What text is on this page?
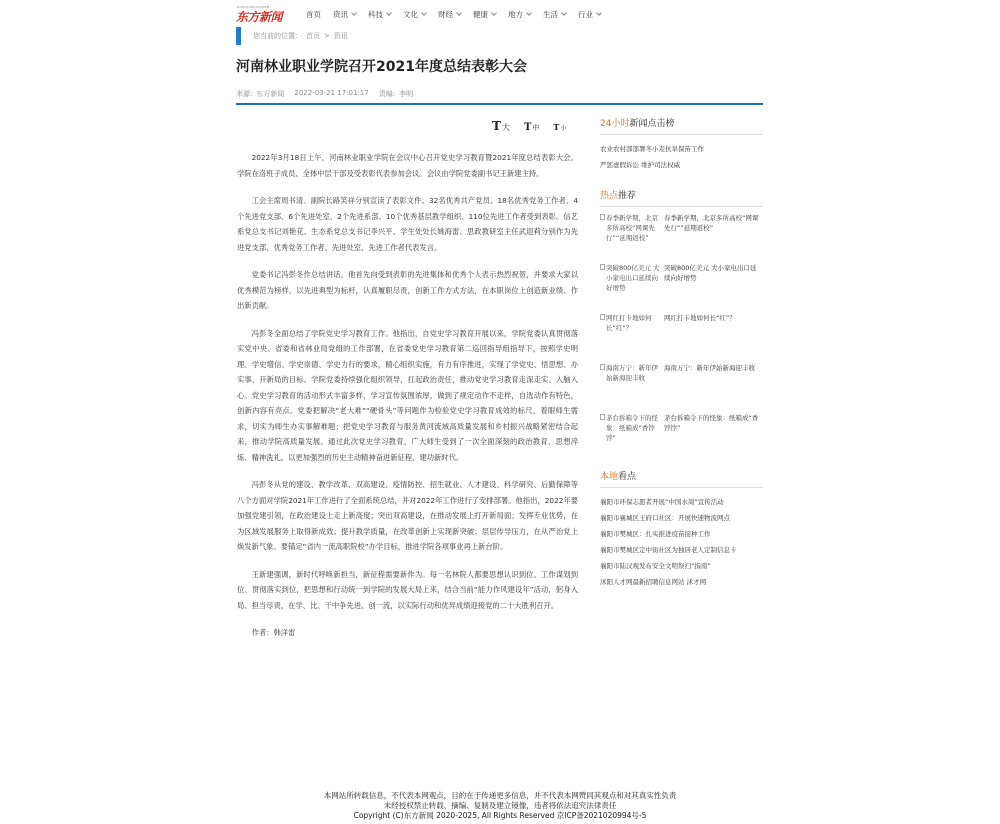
DONGFANGXINWEN
东方新闻	首页 资讯	科技	文化	财经	健康	地方	生活	行业
您当前的位置： 首页 > 资讯
河南林业职业学院召开2021年度总结表彰大会
来源: 东方新闻 2022-03-21 17:01:17 责编: 李明
T 大 T 中 T 小

2022年3月18日上午，河南林业职业学院在会议中心召开党史学习教育暨2021年度总结表彰大会。学院在洛班子成员、全体中层干部及受表彰代表参加会议。会议由学院党委副书记王新建主持。

工会主席周书清、副院长路笑祥分别宣读了表彰文件。32名优秀共产党员、18名优秀党务工作者、4个先进党支部、6个先进处室、2个先进系部、10个优秀基层教学组织、110位先进工作者受到表彰。信艺系党总支书记刘艳花、生态系党总支书记李兴平、学生处处长姚海雷、思政教研室主任武迎莉分别作为先进党支部、优秀党务工作者、先进处室、先进工作者代表发言。

党委书记冯彭冬作总结讲话。他首先向受到表彰的先进集体和优秀个人表示热烈祝贺，并要求大家以优秀模范为榜样，以先进典型为标杆，认真履职尽责，创新工作方式方法，在本职岗位上创造新业绩、作出新贡献。

冯彭冬全面总结了学院党史学习教育工作。他指出，自党史学习教育开展以来，学院党委认真贯彻落实党中央、省委和省林业局党组的工作部署，在省委党史学习教育第二巡回指导组指导下，按照学史明理、学史增信、学史崇德、学史力行的要求，精心组织实施，有力有序推进，实现了学党史、悟思想、办实事、开新局的目标。学院党委持续强化组织领导，扛起政治责任，推动党史学习教育走深走实、入脑入心。党史学习教育的活动形式丰富多样，学习宣传氛围浓厚，做到了规定动作不走样，自选动作有特色，创新内容有亮点。党委把解决“老大难”“硬骨头”等问题作为检验党史学习教育成效的标尺，着眼师生需求，切实为师生办实事解难题；把党史学习教育与服务黄河流域高质量发展和乡村振兴战略紧密结合起来，推动学院高质量发展。通过此次党史学习教育，广大师生受到了一次全面深刻的政治教育、思想淬炼、精神洗礼，以更加强烈的历史主动精神奋进新征程、建功新时代。

冯彭冬从党的建设、教学改革、双高建设、疫情防控、招生就业、人才建设、科学研究、后勤保障等八个方面对学院2021年工作进行了全面系统总结，并对2022年工作进行了安排部署。他指出，2022年要加强党建引领，在政治建设上走上新高度；突出双高建设，在推动发展上打开新局面；发挥专业优势，在为区域发展服务上取得新成效；提升教学质量，在改革创新上实现新突破；层层传导压力，在从严治党上焕发新气象。要锚定“省内一流高职院校”办学目标，推进学院各项事业再上新台阶。

王新建强调，新时代呼唤新担当，新征程需要新作为。每一名林院人都要思想认识到位、工作谋划到位、贯彻落实到位，把思想和行动统一到学院的发展大局上来，结合当前“能力作风建设年”活动，躬身入局、担当尽责，在学、比、干中争先进、创一流，以实际行动和优异成绩迎接党的二十大胜利召开。

作者：韩洋雷

24小时新闻点击榜
农业农村部部署冬小麦抗旱保苗工作
严惩虚假诉讼 维护司法权威
热点推荐
春季新学期，北京多所高校“网课先行”“延期返校”
春季新学期，北京多所高校“网课先行”“延期返校”
突破800亿美元 大小家电出口延续向好增势
突破800亿美元 大小家电出口延续向好增势
网红打卡地如何长“红”？
网红打卡地如何长“红”？
海南万宁：新年伊始新海迎丰收
海南万宁：新年伊始新海迎丰收
茅台拆箱令下的怪象：纸箱成“香饽饽”
茅台拆箱令下的怪象：纸箱成“香饽饽”
本地看点
襄阳市环保志愿者开展“中国水周”宣传活动
襄阳市襄城区王府口社区：开展快速物流网点
襄阳市樊城区：扎实推进疫苗接种工作
襄阳市樊城区定中街社区为独居老人定制信息卡
襄阳市陆汉观发布安全文明祭扫“指南”
沭阳人才网最新招聘信息网站 沭才网
本网站所转载信息，不代表本网观点，目的在于传递更多信息，并不代表本网赞同其观点和对其真实性负责
未经授权禁止转载、摘编、复制及建立镜像，违者将依法追究法律责任
Copyright (C)东方新闻 2020-2025, All Rights Reserved 京ICP备2021020994号-5
